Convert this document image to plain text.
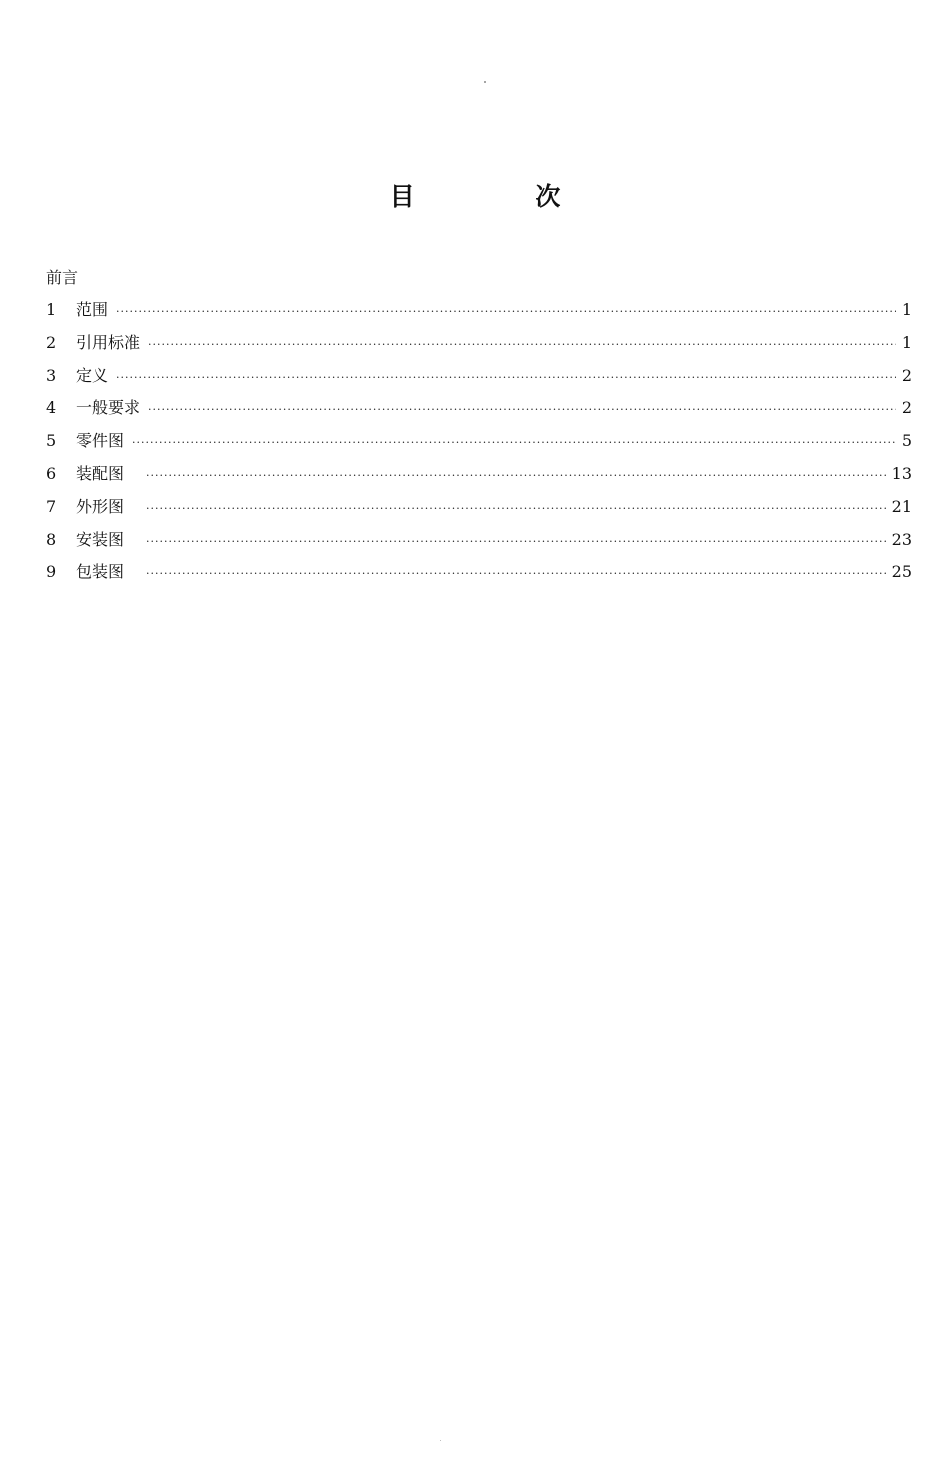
目 次
前言
1	范围 ·····	1
2	引用标准 ·····	1
3	定义 ·····	2
4	一般要求 ·····	2
5	零件图 ·····	5
6	装配图 ·····	13
7	外形图 ·····	21
8	安装图 ·····	23
9	包装图 ·····	25
